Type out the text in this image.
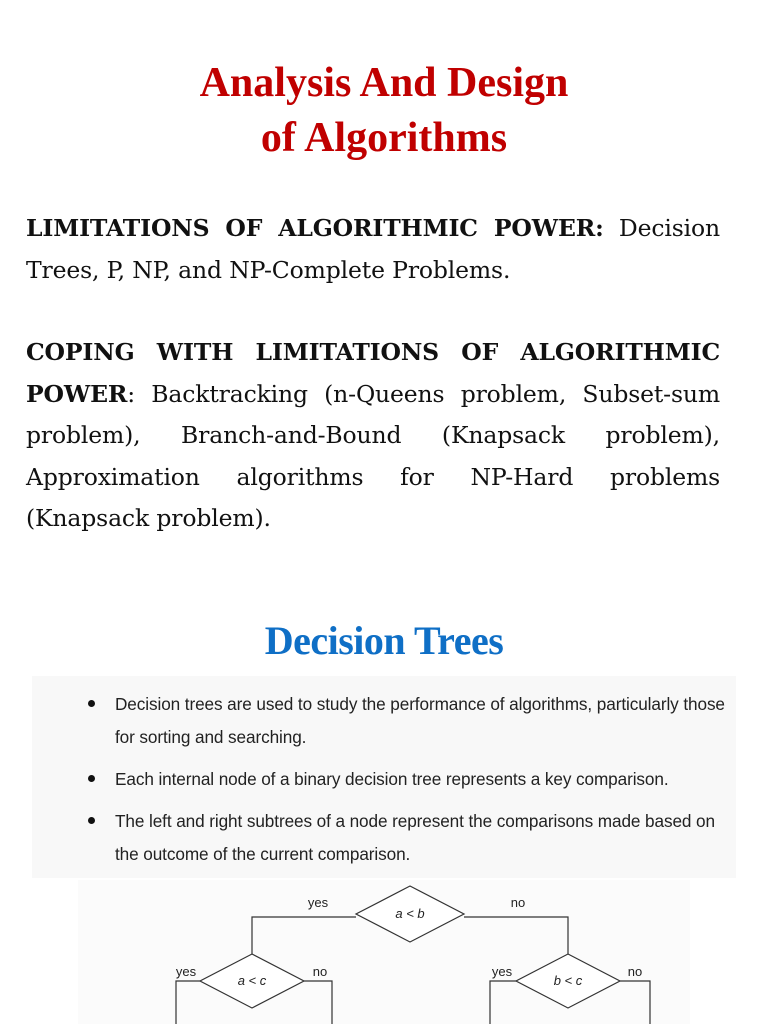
Analysis And Design
of Algorithms

LIMITATIONS OF ALGORITHMIC POWER: Decision Trees, P, NP, and NP-Complete Problems.

COPING WITH LIMITATIONS OF ALGORITHMIC POWER: Backtracking (n-Queens problem, Subset-sum problem), Branch-and-Bound (Knapsack problem), Approximation algorithms for NP-Hard problems (Knapsack problem).

Decision Trees
Decision trees are used to study the performance of algorithms, particularly those for sorting and searching.
Each internal node of a binary decision tree represents a key comparison.
The left and right subtrees of a node represent the comparisons made based on the outcome of the current comparison.
a < b
yes	no
a < c
yes	no
b < c
yes	no
